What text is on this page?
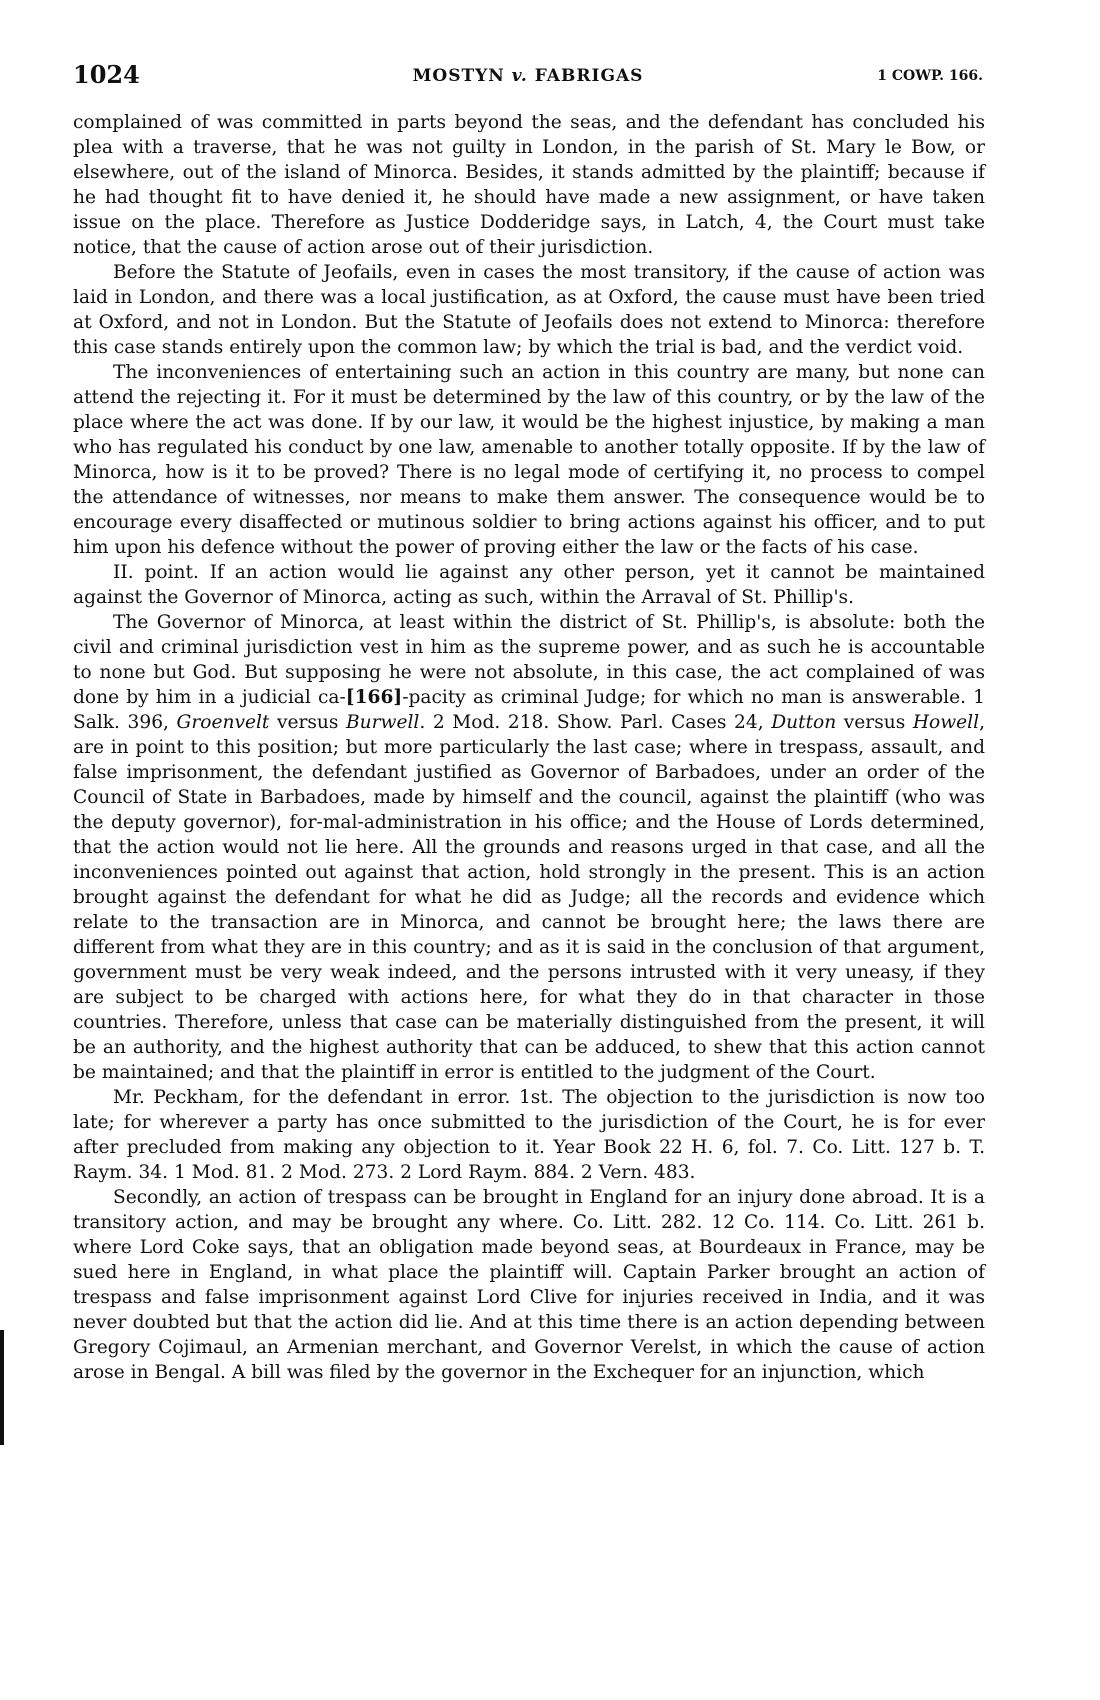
1024	MOSTYN v. FABRIGAS	1 COWP. 166.

complained of was committed in parts beyond the seas, and the defendant has concluded his plea with a traverse, that he was not guilty in London, in the parish of St. Mary le Bow, or elsewhere, out of the island of Minorca. Besides, it stands admitted by the plaintiff; because if he had thought fit to have denied it, he should have made a new assignment, or have taken issue on the place. Therefore as Justice Dodderidge says, in Latch, 4, the Court must take notice, that the cause of action arose out of their jurisdiction.

Before the Statute of Jeofails, even in cases the most transitory, if the cause of action was laid in London, and there was a local justification, as at Oxford, the cause must have been tried at Oxford, and not in London. But the Statute of Jeofails does not extend to Minorca: therefore this case stands entirely upon the common law; by which the trial is bad, and the verdict void.

The inconveniences of entertaining such an action in this country are many, but none can attend the rejecting it. For it must be determined by the law of this country, or by the law of the place where the act was done. If by our law, it would be the highest injustice, by making a man who has regulated his conduct by one law, amenable to another totally opposite. If by the law of Minorca, how is it to be proved? There is no legal mode of certifying it, no process to compel the attendance of witnesses, nor means to make them answer. The consequence would be to encourage every disaffected or mutinous soldier to bring actions against his officer, and to put him upon his defence without the power of proving either the law or the facts of his case.

II. point. If an action would lie against any other person, yet it cannot be maintained against the Governor of Minorca, acting as such, within the Arraval of St. Phillip's.

The Governor of Minorca, at least within the district of St. Phillip's, is absolute: both the civil and criminal jurisdiction vest in him as the supreme power, and as such he is accountable to none but God. But supposing he were not absolute, in this case, the act complained of was done by him in a judicial ca-[166]-pacity as criminal Judge; for which no man is answerable. 1 Salk. 396, Groenvelt versus Burwell. 2 Mod. 218. Show. Parl. Cases 24, Dutton versus Howell, are in point to this position; but more particularly the last case; where in trespass, assault, and false imprisonment, the defendant justified as Governor of Barbadoes, under an order of the Council of State in Barbadoes, made by himself and the council, against the plaintiff (who was the deputy governor), for-mal-administration in his office; and the House of Lords determined, that the action would not lie here. All the grounds and reasons urged in that case, and all the inconveniences pointed out against that action, hold strongly in the present. This is an action brought against the defendant for what he did as Judge; all the records and evidence which relate to the transaction are in Minorca, and cannot be brought here; the laws there are different from what they are in this country; and as it is said in the conclusion of that argument, government must be very weak indeed, and the persons intrusted with it very uneasy, if they are subject to be charged with actions here, for what they do in that character in those countries. Therefore, unless that case can be materially distinguished from the present, it will be an authority, and the highest authority that can be adduced, to shew that this action cannot be maintained; and that the plaintiff in error is entitled to the judgment of the Court.

Mr. Peckham, for the defendant in error. 1st. The objection to the jurisdiction is now too late; for wherever a party has once submitted to the jurisdiction of the Court, he is for ever after precluded from making any objection to it. Year Book 22 H. 6, fol. 7. Co. Litt. 127 b. T. Raym. 34. 1 Mod. 81. 2 Mod. 273. 2 Lord Raym. 884. 2 Vern. 483.

Secondly, an action of trespass can be brought in England for an injury done abroad. It is a transitory action, and may be brought any where. Co. Litt. 282. 12 Co. 114. Co. Litt. 261 b. where Lord Coke says, that an obligation made beyond seas, at Bourdeaux in France, may be sued here in England, in what place the plaintiff will. Captain Parker brought an action of trespass and false imprisonment against Lord Clive for injuries received in India, and it was never doubted but that the action did lie. And at this time there is an action depending between Gregory Cojimaul, an Armenian merchant, and Governor Verelst, in which the cause of action arose in Bengal. A bill was filed by the governor in the Exchequer for an injunction, which
